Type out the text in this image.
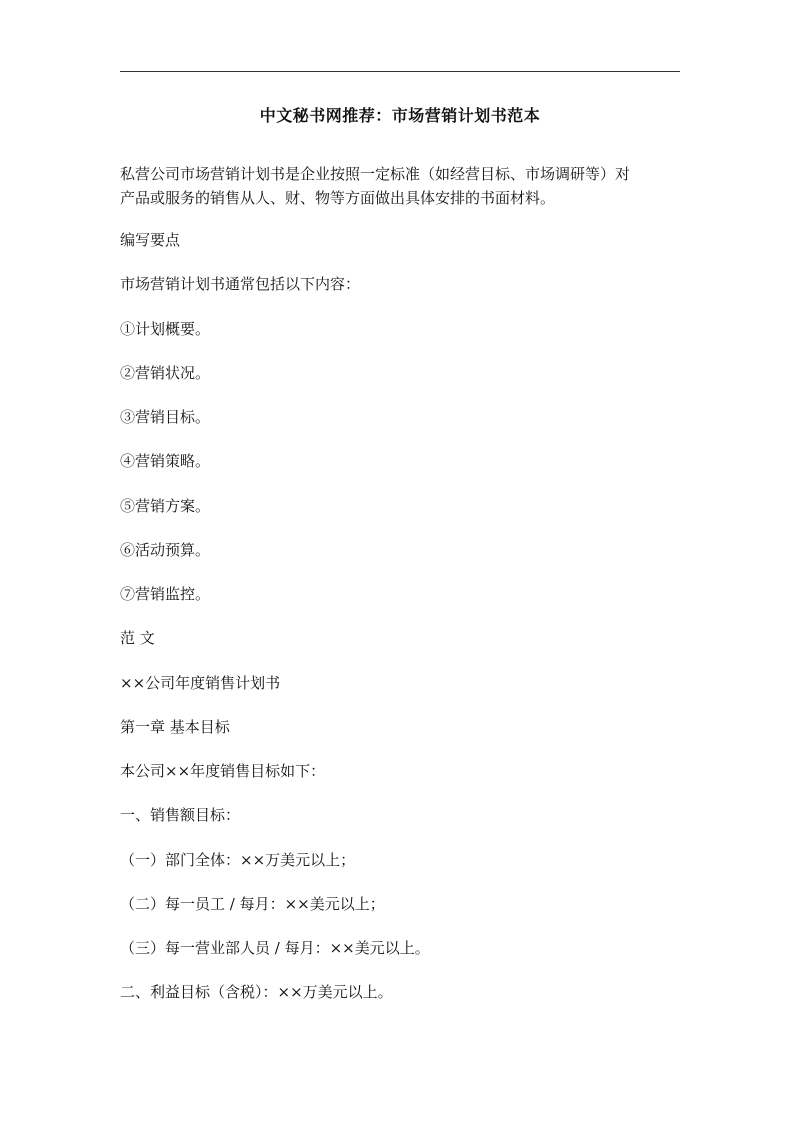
中文秘书网推荐：市场营销计划书范本
私营公司市场营销计划书是企业按照一定标准（如经营目标、市场调研等）对
产品或服务的销售从人、财、物等方面做出具体安排的书面材料。
编写要点
市场营销计划书通常包括以下内容：
①计划概要。
②营销状况。
③营销目标。
④营销策略。
⑤营销方案。
⑥活动预算。
⑦营销监控。
范 文
××公司年度销售计划书
第一章 基本目标
本公司××年度销售目标如下：
一、销售额目标：
（一）部门全体：××万美元以上；
（二）每一员工 / 每月：××美元以上；
（三）每一营业部人员 / 每月：××美元以上。
二、利益目标（含税）：××万美元以上。
